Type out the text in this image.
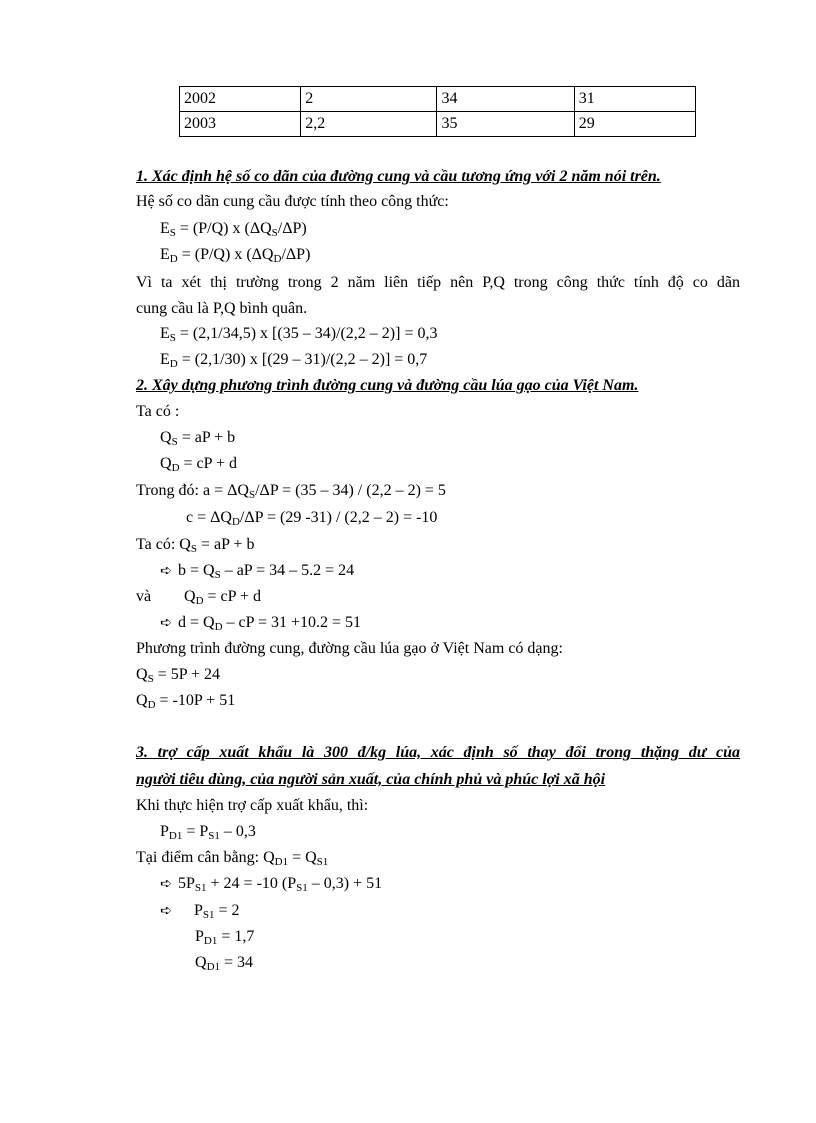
2002	2	34	31
2003	2,2	35	29
1. Xác định hệ số co dãn của đường cung và cầu tương ứng với 2 năm nói trên.
Hệ số co dãn cung cầu được tính theo công thức:
$E_S = (P/Q)$ x $(\Delta Q_S/\Delta P)$
$E_D = (P/Q)$ x $(\Delta Q_D/\Delta P)$
Vì ta xét thị trường trong 2 năm liên tiếp nên P,Q trong công thức tính độ co dãn
cung cầu là P,Q bình quân.
$E_S = (2,1/34,5)$ x [(35 – 34)/(2,2 – 2)] = 0,3
$E_D = (2,1/30)$ x [(29 – 31)/(2,2 – 2)] = 0,7
2. Xây dựng phương trình đường cung và đường cầu lúa gạo của Việt Nam.
Ta có :
$Q_S$ = aP + b
$Q_D$ = cP + d
Trong đó: $a = \Delta Q_S/\Delta P = (35 - 34) / (2,2 - 2) = 5$
$c = \Delta Q_D/\Delta P = (29$ -31) / (2,2 – 2) = -10
Ta có: $Q_S$ = aP + b
➪ $b = Q_S$ – aP = 34 – 5.2 = 24
và $Q_D$ = cP + d
➪ $d = Q_D$ – cP = 31 +10.2 = 51
Phương trình đường cung, đường cầu lúa gạo ở Việt Nam có dạng:
$Q_S = 5P + 24$
$Q_D = -10P + 51$
3. trợ cấp xuất khẩu là 300 đ/kg lúa, xác định số thay đổi trong thặng dư của
người tiêu dùng, của người sản xuất, của chính phủ và phúc lợi xã hội
Khi thực hiện trợ cấp xuất khẩu, thì:
$P_{D1} = P_{S1} - 0,3$
Tại điểm cân bằng: $Q_{D1} = Q_{S1}$
➪ $5P_{S1} + 24 = -10$ $(P_{S1} - 0,3) + 51$
➪ $P_{S1} = 2$
$P_{D1} = 1,7$
$Q_{D1} = 34$
